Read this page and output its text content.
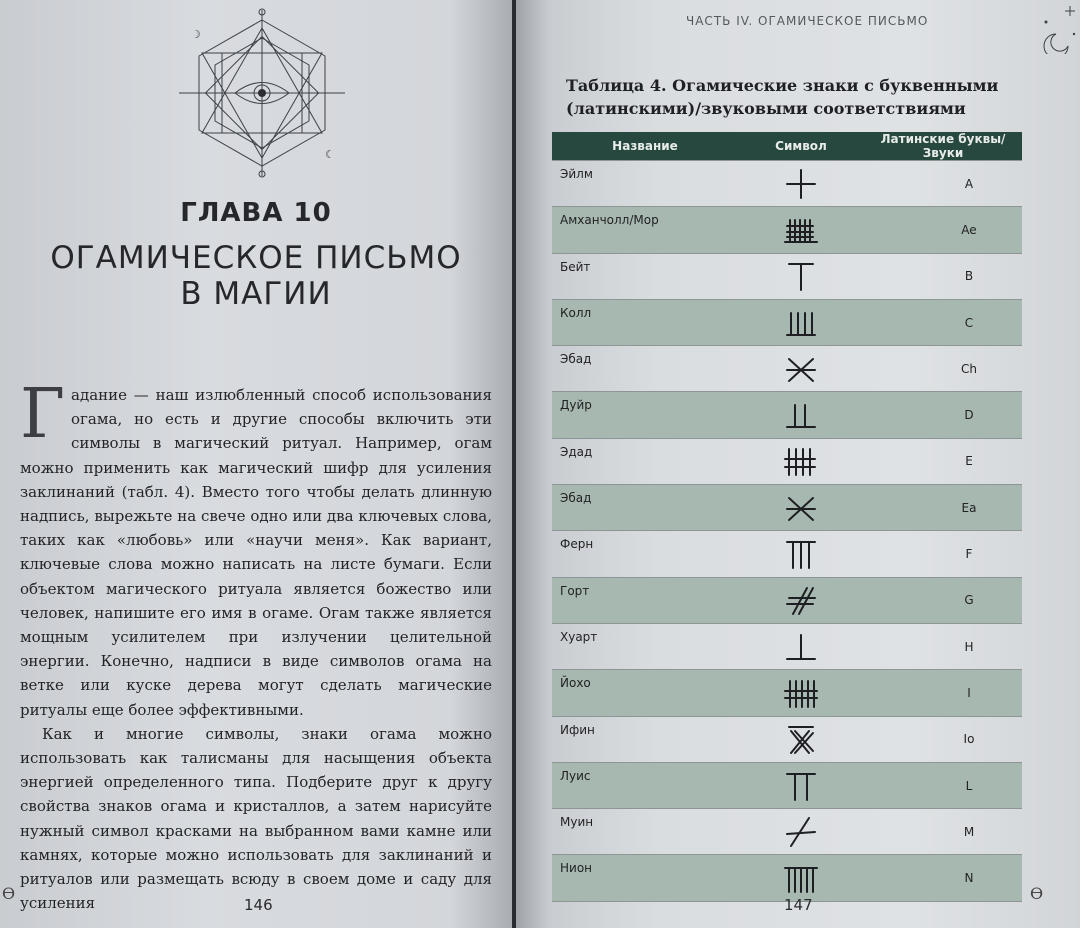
☽
☾
ГЛАВА 10
ОГАМИЧЕСКОЕ ПИСЬМО
В МАГИИ

Гадание — наш излюбленный способ использования огама, но есть и другие способы включить эти символы в магический ритуал. Например, огам можно применить как магический шифр для усиления заклинаний (табл. 4). Вместо того чтобы делать длинную надпись, вырежьте на свече одно или два ключевых слова, таких как «любовь» или «научи меня». Как вариант, ключевые слова можно написать на листе бумаги. Если объектом магического ритуала является божество или человек, напишите его имя в огаме. Огам также является мощным усилителем при излучении целительной энергии. Конечно, надписи в виде символов огама на ветке или куске дерева могут сделать магические ритуалы еще более эффективными.

Как и многие символы, знаки огама можно использовать как талисманы для насыщения объекта энергией определенного типа. Подберите друг к другу свойства знаков огама и кристаллов, а затем нарисуйте нужный символ красками на выбранном вами камне или камнях, которые можно использовать для заклинаний и ритуалов или размещать всюду в своем доме и саду для усиления

ϴ
146
ЧАСТЬ IV. ОГАМИЧЕСКОЕ ПИСЬМО
Таблица 4. Огамические знаки с буквенными
(латинскими)/звуковыми соответствиями
Название	Символ	Латинские буквы/Звуки
Эйлм		A
Амханчолл/Мор		Ae
Бейт		B
Колл		C
Эбад		Ch
Дуйр		D
Эдад		E
Эбад		Ea
Ферн		F
Горт		G
Хуарт		H
Йохо		I
Ифин		Io
Луис		L
Муин		M
Нион		N
147
ϴ
